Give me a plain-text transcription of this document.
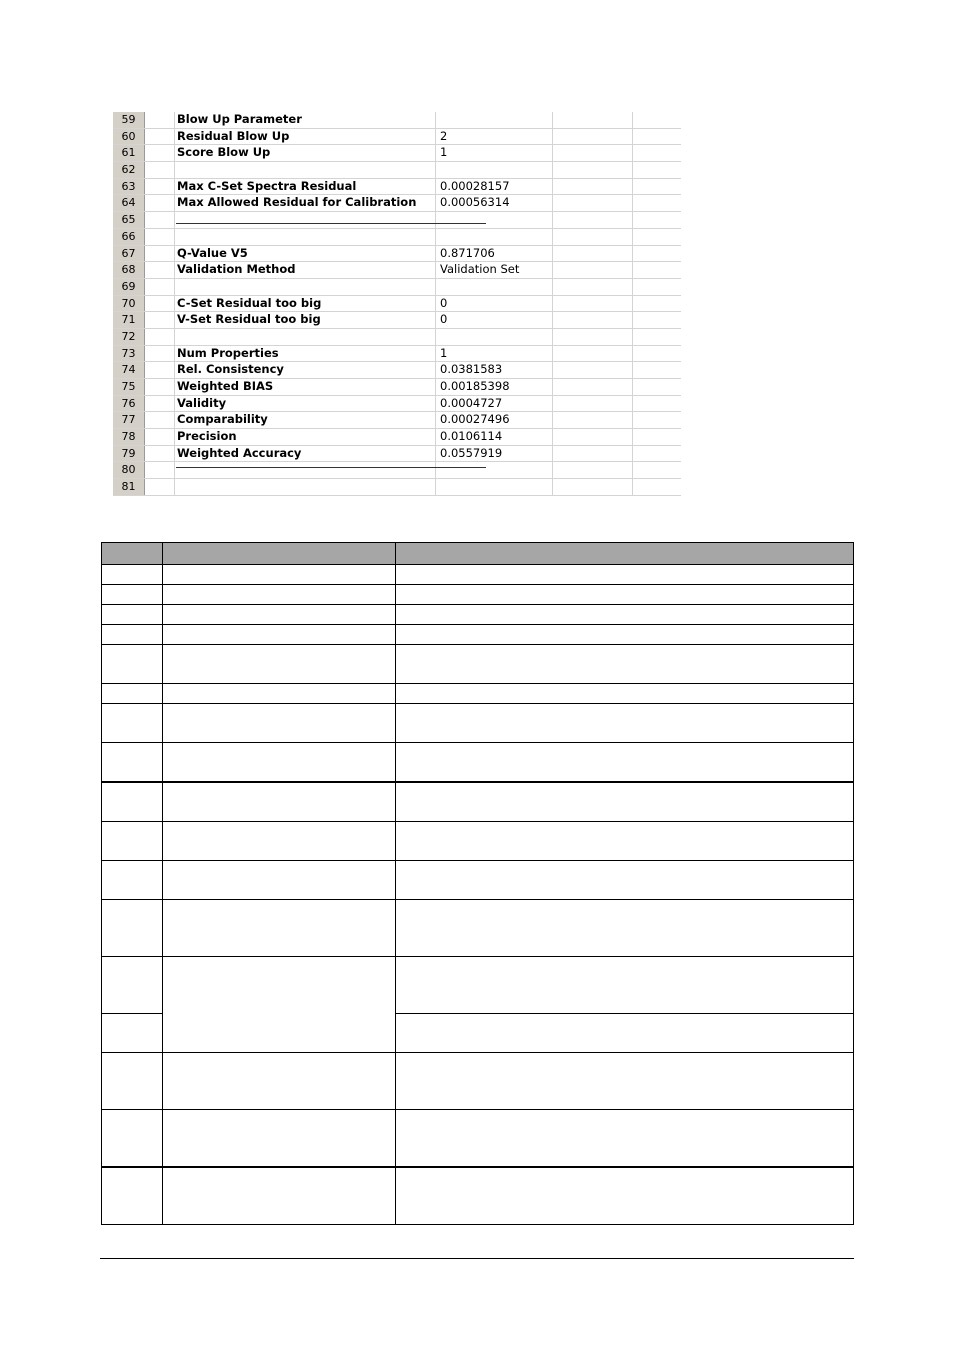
59	Blow Up Parameter
60	Residual Blow Up	2
61	Score Blow Up	1
62
63	Max C-Set Spectra Residual	0.00028157
64	Max Allowed Residual for Calibration	0.00056314
65
66
67	Q-Value V5	0.871706
68	Validation Method	Validation Set
69
70	C-Set Residual too big	0
71	V-Set Residual too big	0
72
73	Num Properties	1
74	Rel. Consistency	0.0381583
75	Weighted BIAS	0.00185398
76	Validity	0.0004727
77	Comparability	0.00027496
78	Precision	0.0106114
79	Weighted Accuracy	0.0557919
80
81
